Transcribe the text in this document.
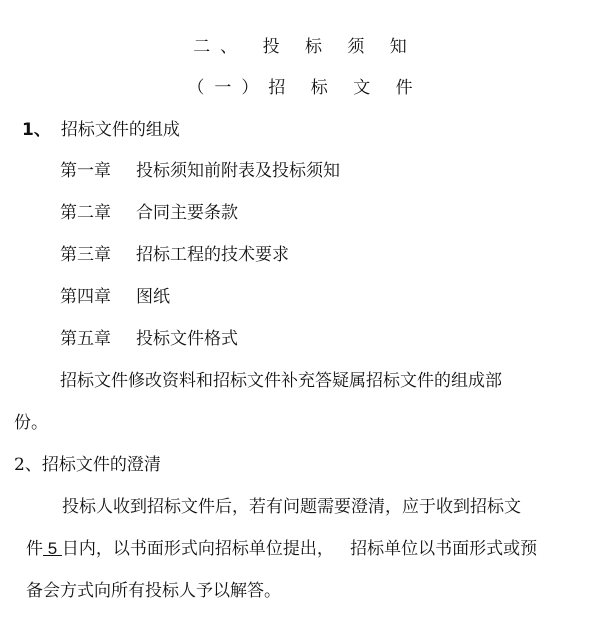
二、 投 标 须 知
（一）招 标 文 件
1、 招标文件的组成
第一章 投标须知前附表及投标须知
第二章 合同主要条款
第三章 招标工程的技术要求
第四章 图纸
第五章 投标文件格式
招标文件修改资料和招标文件补充答疑属招标文件的组成部
份。
2、招标文件的澄清
投标人收到招标文件后，若有问题需要澄清，应于收到招标文
件 5 日内，以书面形式向招标单位提出，   招标单位以书面形式或预
备会方式向所有投标人予以解答。
